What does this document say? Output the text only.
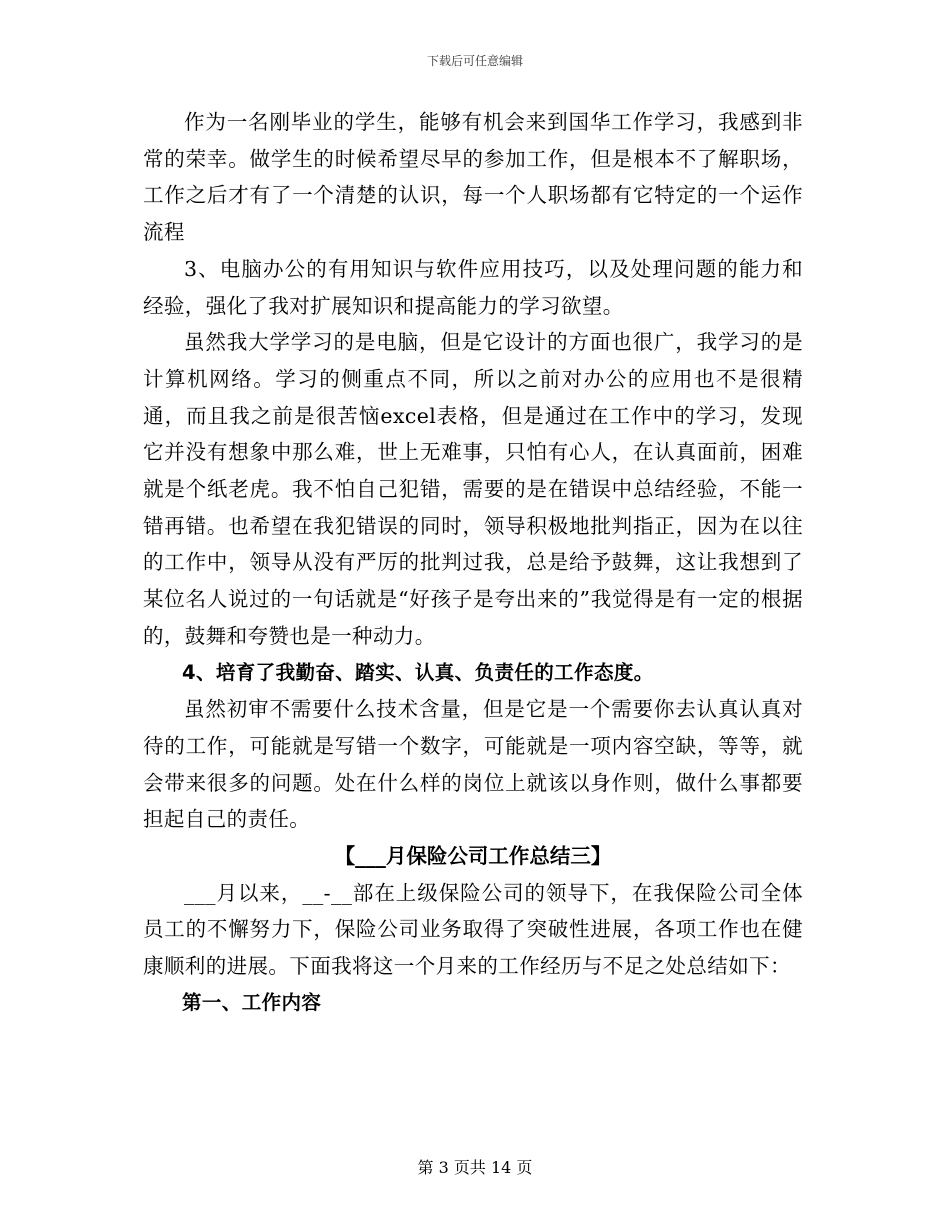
下载后可任意编辑

作为一名刚毕业的学生，能够有机会来到国华工作学习，我感到非常的荣幸。做学生的时候希望尽早的参加工作，但是根本不了解职场，工作之后才有了一个清楚的认识，每一个人职场都有它特定的一个运作流程

3、电脑办公的有用知识与软件应用技巧，以及处理问题的能力和经验，强化了我对扩展知识和提高能力的学习欲望。

虽然我大学学习的是电脑，但是它设计的方面也很广，我学习的是计算机网络。学习的侧重点不同，所以之前对办公的应用也不是很精通，而且我之前是很苦恼excel表格，但是通过在工作中的学习，发现它并没有想象中那么难，世上无难事，只怕有心人，在认真面前，困难就是个纸老虎。我不怕自己犯错，需要的是在错误中总结经验，不能一错再错。也希望在我犯错误的同时，领导积极地批判指正，因为在以往的工作中，领导从没有严厉的批判过我，总是给予鼓舞，这让我想到了某位名人说过的一句话就是“好孩子是夸出来的”我觉得是有一定的根据的，鼓舞和夸赞也是一种动力。

4、培育了我勤奋、踏实、认真、负责任的工作态度。

虽然初审不需要什么技术含量，但是它是一个需要你去认真认真对待的工作，可能就是写错一个数字，可能就是一项内容空缺，等等，就会带来很多的问题。处在什么样的岗位上就该以身作则，做什么事都要担起自己的责任。

【___月保险公司工作总结三】

___月以来，__-__部在上级保险公司的领导下，在我保险公司全体员工的不懈努力下，保险公司业务取得了突破性进展，各项工作也在健康顺利的进展。下面我将这一个月来的工作经历与不足之处总结如下：

第一、工作内容

第 3 页共 14 页
